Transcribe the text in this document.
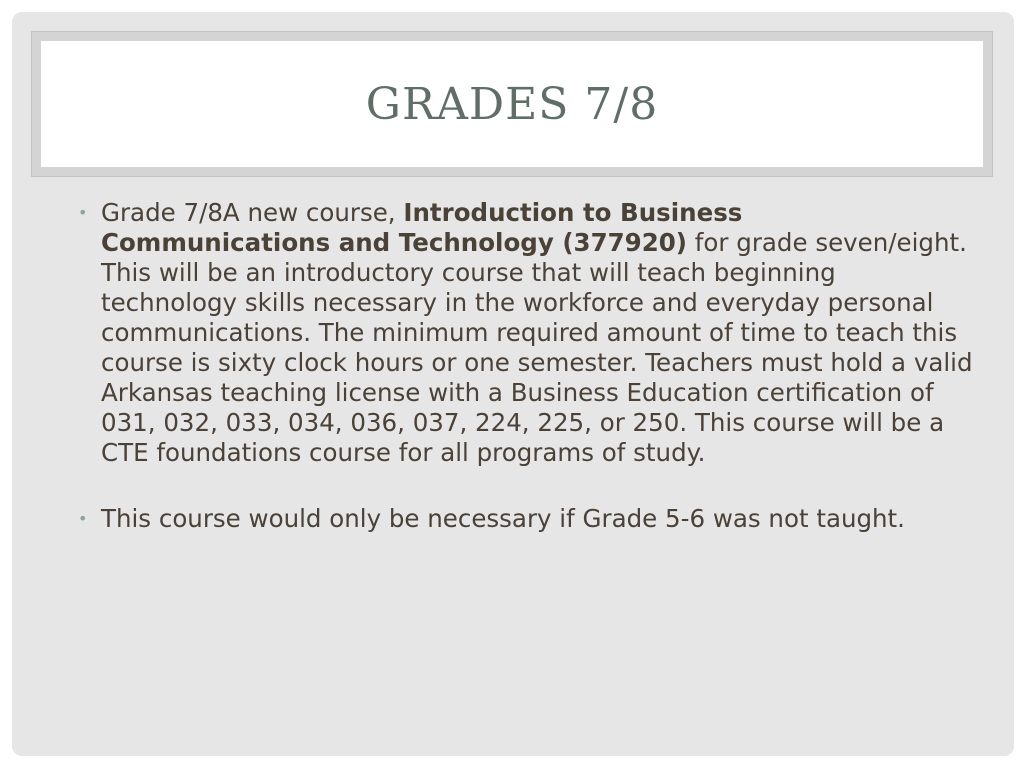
GRADES 7/8

• Grade 7/8A new course, Introduction to Business Communications and Technology (377920) for grade seven/eight. This will be an introductory course that will teach beginning technology skills necessary in the workforce and everyday personal communications. The minimum required amount of time to teach this course is sixty clock hours or one semester. Teachers must hold a valid Arkansas teaching license with a Business Education certification of 031, 032, 033, 034, 036, 037, 224, 225, or 250. This course will be a CTE foundations course for all programs of study.

• This course would only be necessary if Grade 5-6 was not taught.
